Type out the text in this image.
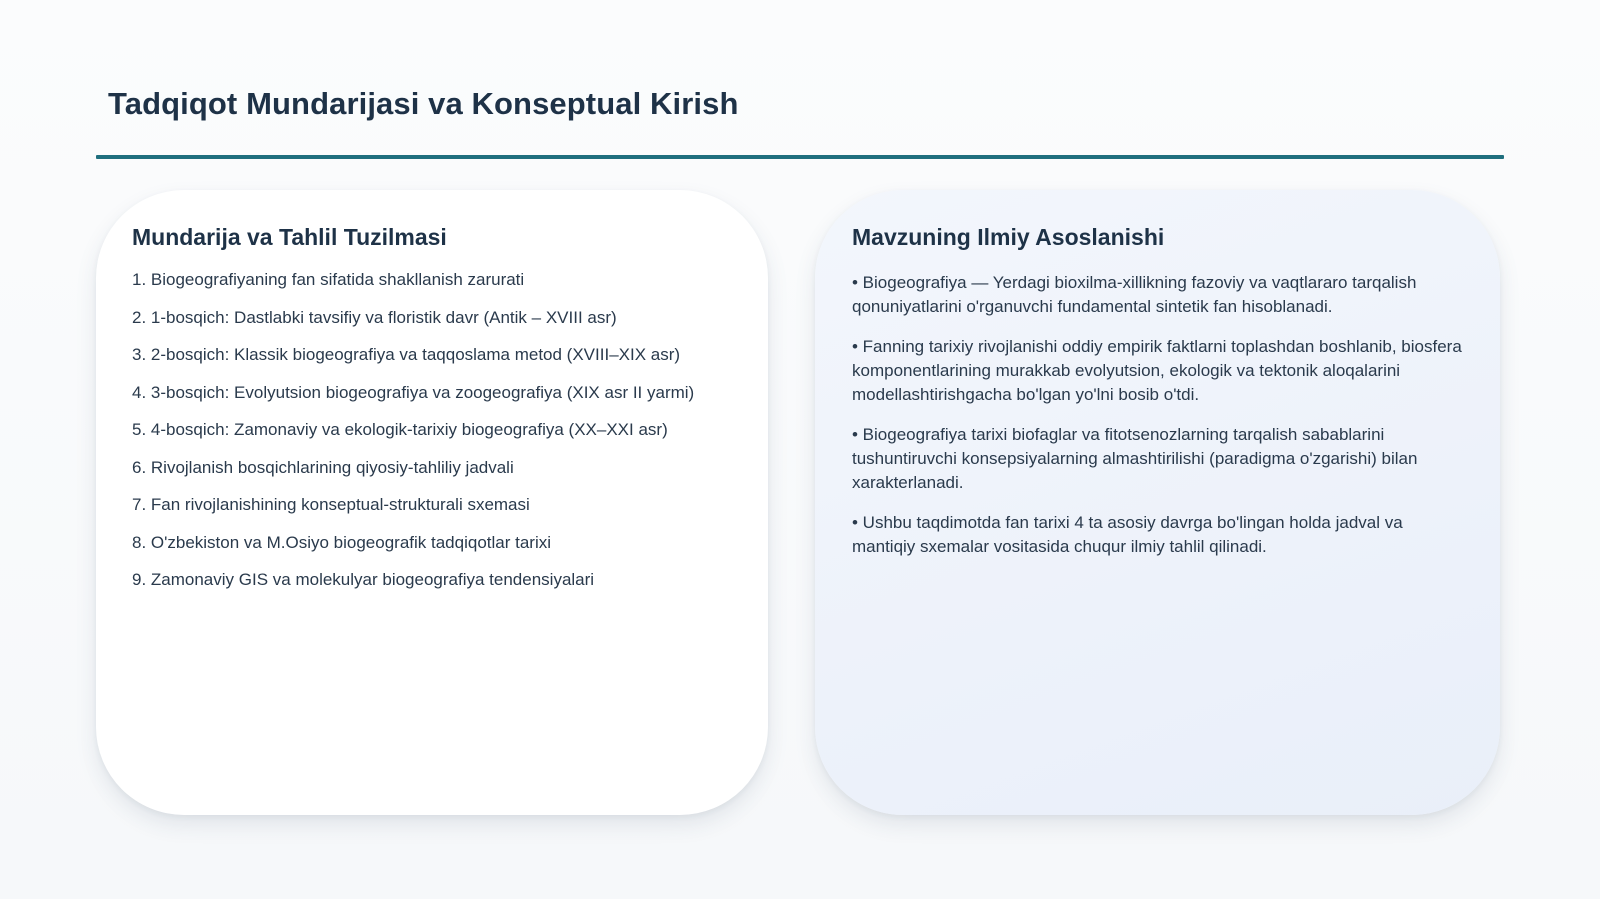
Tadqiqot Mundarijasi va Konseptual Kirish
Mundarija va Tahlil Tuzilmasi
1. Biogeografiyaning fan sifatida shakllanish zarurati
2. 1-bosqich: Dastlabki tavsifiy va floristik davr (Antik – XVIII asr)
3. 2-bosqich: Klassik biogeografiya va taqqoslama metod (XVIII–XIX asr)
4. 3-bosqich: Evolyutsion biogeografiya va zoogeografiya (XIX asr II yarmi)
5. 4-bosqich: Zamonaviy va ekologik-tarixiy biogeografiya (XX–XXI asr)
6. Rivojlanish bosqichlarining qiyosiy-tahliliy jadvali
7. Fan rivojlanishining konseptual-strukturali sxemasi
8. O'zbekiston va M.Osiyo biogeografik tadqiqotlar tarixi
9. Zamonaviy GIS va molekulyar biogeografiya tendensiyalari
Mavzuning Ilmiy Asoslanishi
• Biogeografiya — Yerdagi bioxilma-xillikning fazoviy va vaqtlararo tarqalish qonuniyatlarini o'rganuvchi fundamental sintetik fan hisoblanadi.
• Fanning tarixiy rivojlanishi oddiy empirik faktlarni toplashdan boshlanib, biosfera komponentlarining murakkab evolyutsion, ekologik va tektonik aloqalarini modellashtirishgacha bo'lgan yo'lni bosib o'tdi.
• Biogeografiya tarixi biofaglar va fitotsenozlarning tarqalish sabablarini tushuntiruvchi konsepsiyalarning almashtirilishi (paradigma o'zgarishi) bilan xarakterlanadi.
• Ushbu taqdimotda fan tarixi 4 ta asosiy davrga bo'lingan holda jadval va mantiqiy sxemalar vositasida chuqur ilmiy tahlil qilinadi.
